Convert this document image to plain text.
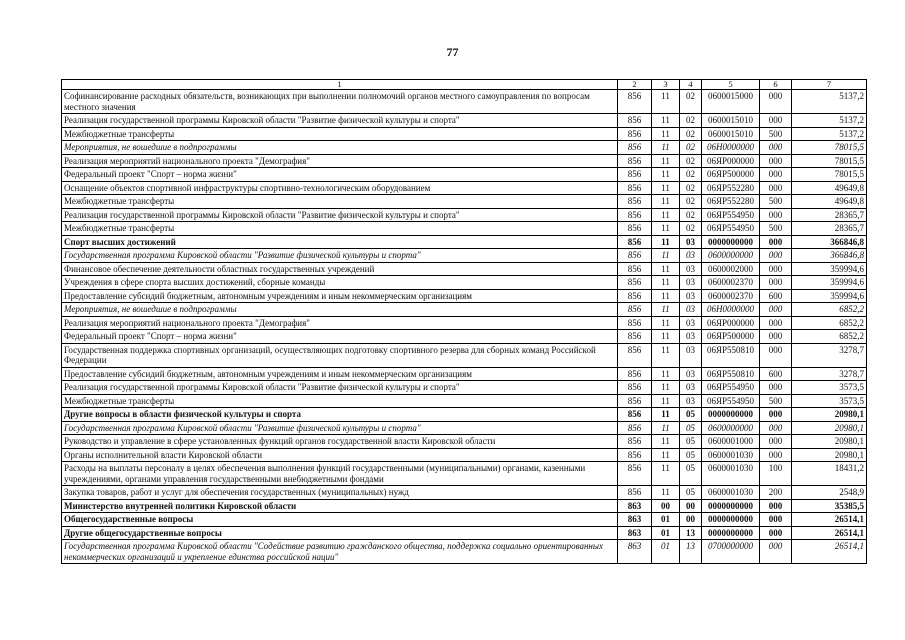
77
1	2	3	4	5	6	7
Софинансирование расходных обязательств, возникающих при выполнении полномочий органов местного самоуправления по вопросам местного значения	856	11	02	0600015000	000	5137,2
Реализация государственной программы Кировской области "Развитие физической культуры и спорта"	856	11	02	0600015010	000	5137,2
Межбюджетные трансферты	856	11	02	0600015010	500	5137,2
Мероприятия, не вошедшие в подпрограммы	856	11	02	06Н0000000	000	78015,5
Реализация мероприятий национального проекта "Демография"	856	11	02	06ЯР000000	000	78015,5
Федеральный проект "Спорт – норма жизни"	856	11	02	06ЯР500000	000	78015,5
Оснащение объектов спортивной инфраструктуры спортивно-технологическим оборудованием	856	11	02	06ЯР552280	000	49649,8
Межбюджетные трансферты	856	11	02	06ЯР552280	500	49649,8
Реализация государственной программы Кировской области "Развитие физической культуры и спорта"	856	11	02	06ЯР554950	000	28365,7
Межбюджетные трансферты	856	11	02	06ЯР554950	500	28365,7
Спорт высших достижений	856	11	03	0000000000	000	366846,8
Государственная программа Кировской области "Развитие физической культуры и спорта"	856	11	03	0600000000	000	366846,8
Финансовое обеспечение деятельности областных государственных учреждений	856	11	03	0600002000	000	359994,6
Учреждения в сфере спорта высших достижений, сборные команды	856	11	03	0600002370	000	359994,6
Предоставление субсидий бюджетным, автономным учреждениям и иным некоммерческим организациям	856	11	03	0600002370	600	359994,6
Мероприятия, не вошедшие в подпрограммы	856	11	03	06Н0000000	000	6852,2
Реализация мероприятий национального проекта "Демография"	856	11	03	06ЯР000000	000	6852,2
Федеральный проект "Спорт – норма жизни"	856	11	03	06ЯР500000	000	6852,2
Государственная поддержка спортивных организаций, осуществляющих подготовку спортивного резерва для сборных команд Российской Федерации	856	11	03	06ЯР550810	000	3278,7
Предоставление субсидий бюджетным, автономным учреждениям и иным некоммерческим организациям	856	11	03	06ЯР550810	600	3278,7
Реализация государственной программы Кировской области "Развитие физической культуры и спорта"	856	11	03	06ЯР554950	000	3573,5
Межбюджетные трансферты	856	11	03	06ЯР554950	500	3573,5
Другие вопросы в области физической культуры и спорта	856	11	05	0000000000	000	20980,1
Государственная программа Кировской области "Развитие физической культуры и спорта"	856	11	05	0600000000	000	20980,1
Руководство и управление в сфере установленных функций органов государственной власти Кировской области	856	11	05	0600001000	000	20980,1
Органы исполнительной власти Кировской области	856	11	05	0600001030	000	20980,1
Расходы на выплаты персоналу в целях обеспечения выполнения функций государственными (муниципальными) органами, казенными учреждениями, органами управления государственными внебюджетными фондами	856	11	05	0600001030	100	18431,2
Закупка товаров, работ и услуг для обеспечения государственных (муниципальных) нужд	856	11	05	0600001030	200	2548,9
Министерство внутренней политики Кировской области	863	00	00	0000000000	000	35385,5
Общегосударственные вопросы	863	01	00	0000000000	000	26514,1
Другие общегосударственные вопросы	863	01	13	0000000000	000	26514,1
Государственная программа Кировской области "Содействие развитию гражданского общества, поддержка социально ориентированных некоммерческих организаций и укрепление единства российской нации"	863	01	13	0700000000	000	26514,1
